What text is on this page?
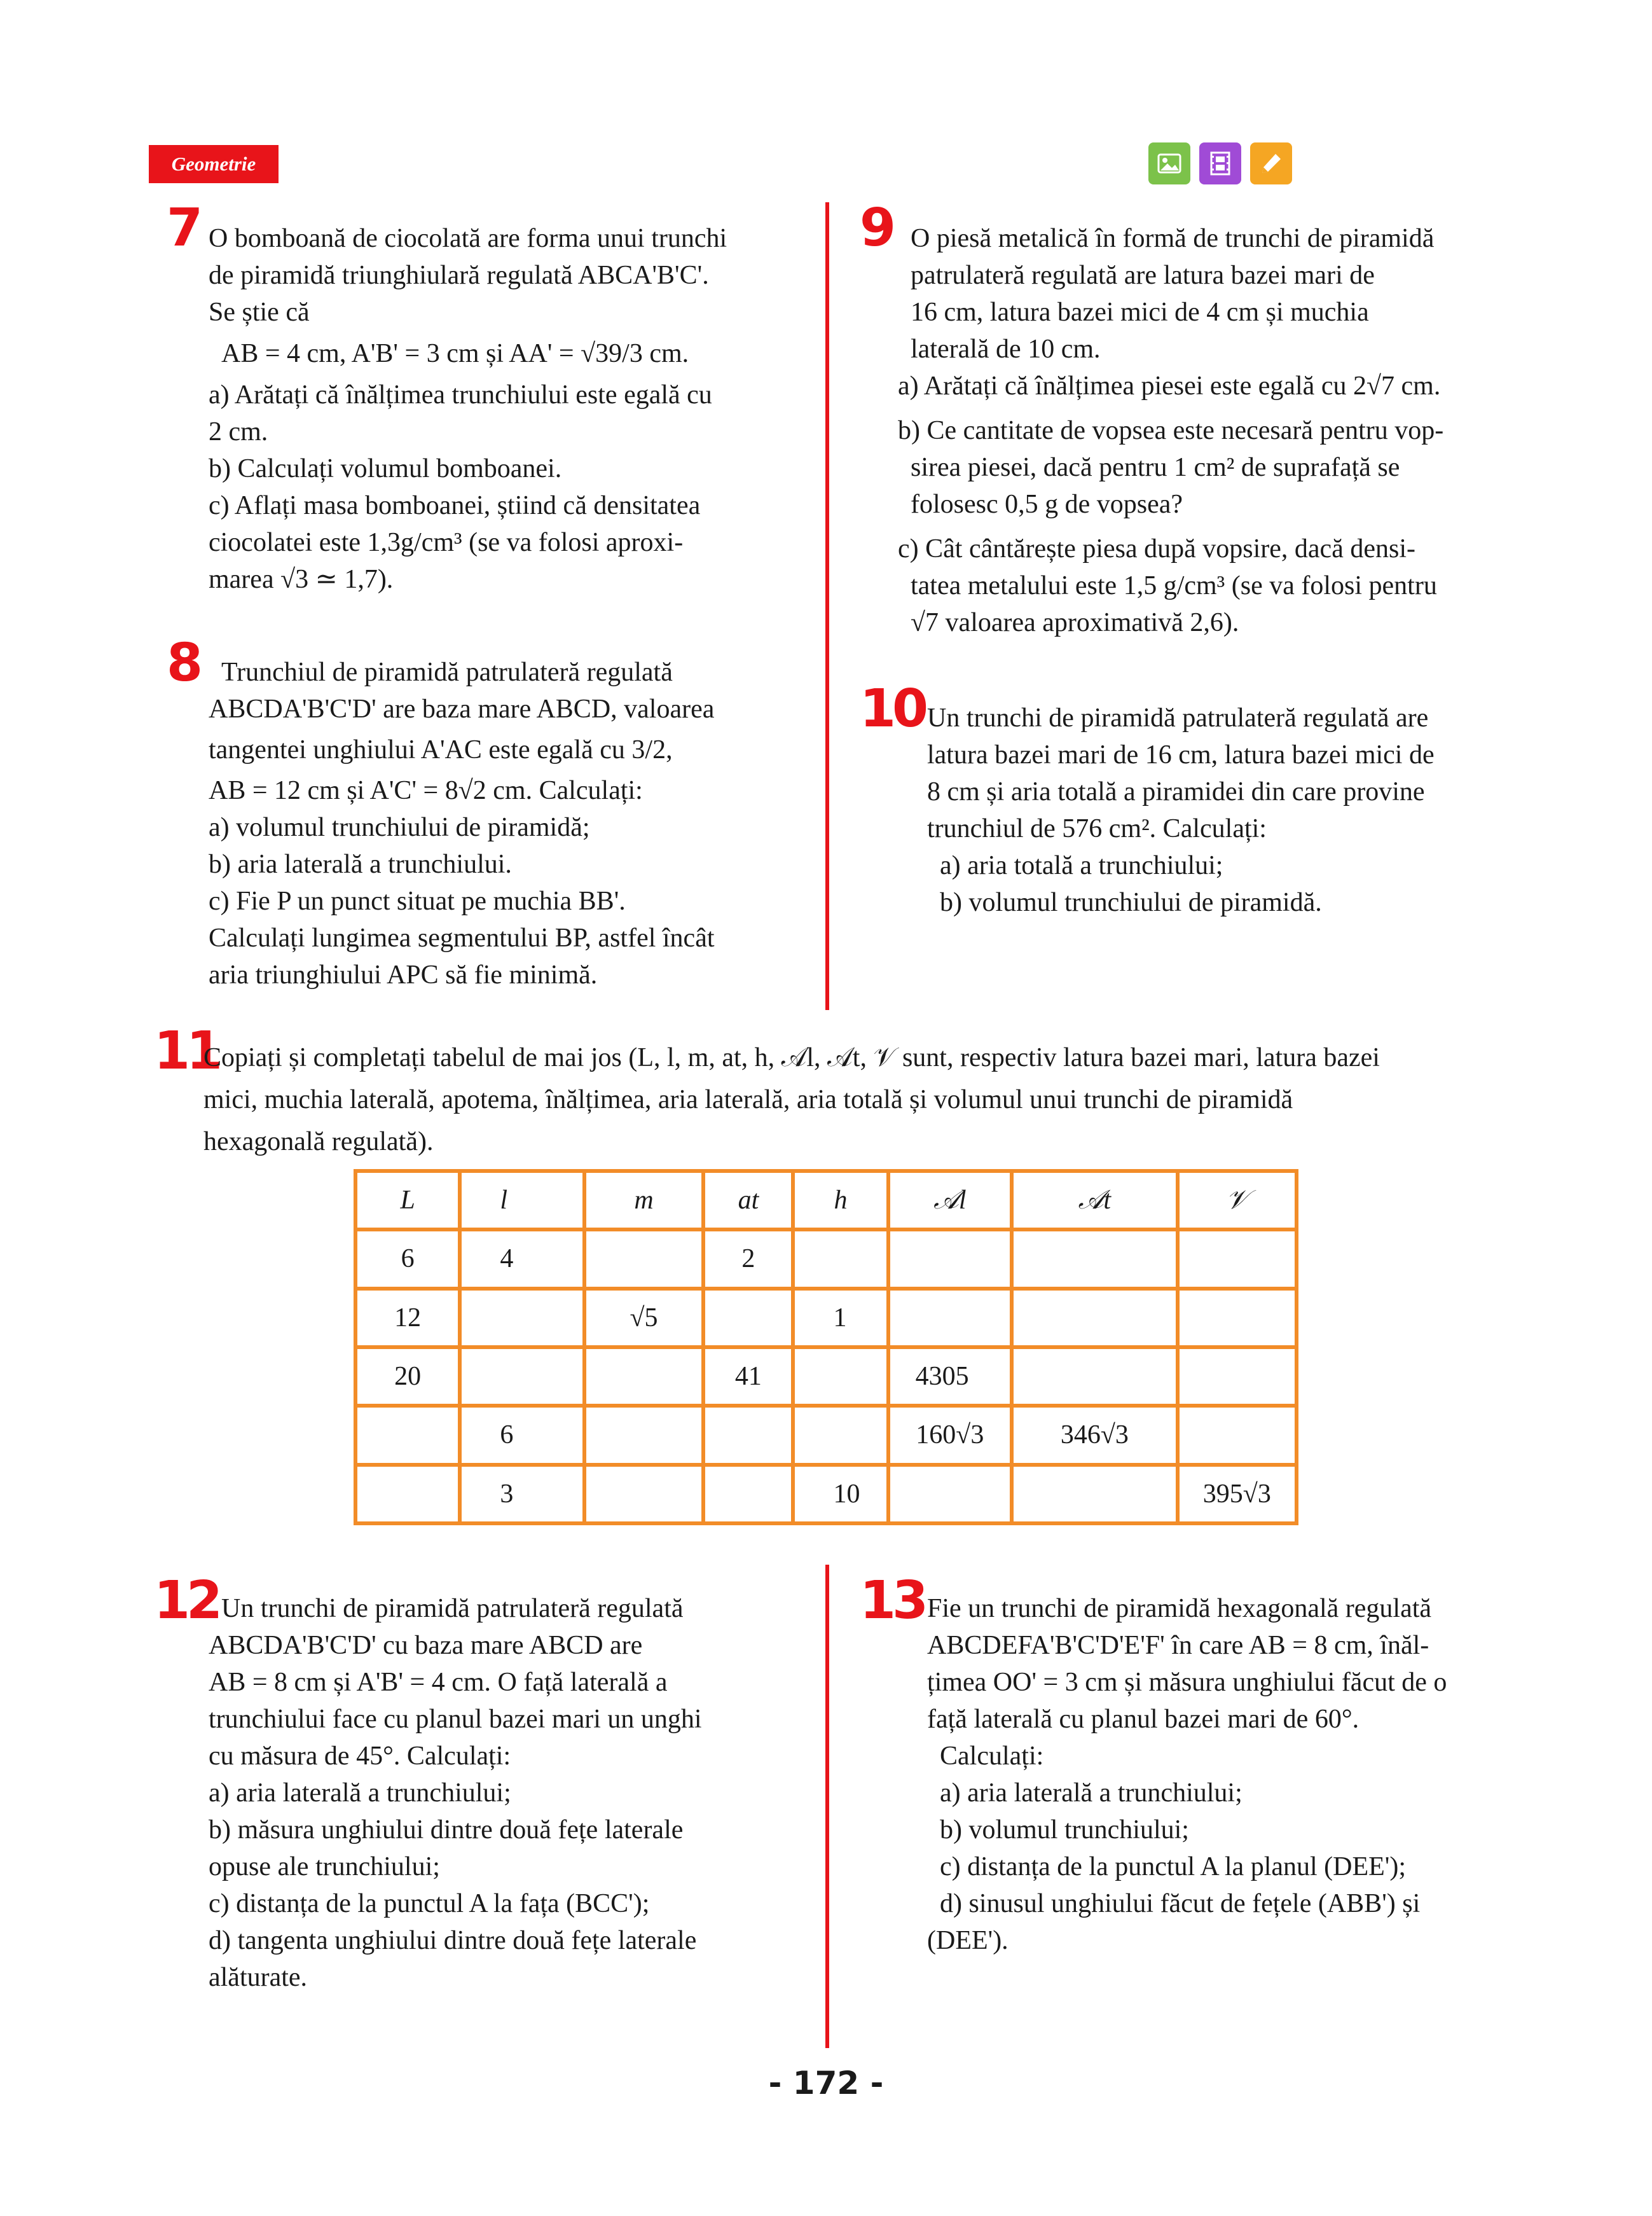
Geometrie
7 O bomboană de ciocolată are forma unui trunchi

de piramidă triunghiulară regulată ABCA'B'C'.

Se știe că

AB = 4 cm, A'B' = 3 cm și AA' = √39/3 cm.

a) Arătați că înălțimea trunchiului este egală cu

2 cm.

b) Calculați volumul bomboanei.

c) Aflați masa bomboanei, știind că densitatea

ciocolatei este 1,3g/cm³ (se va folosi aproxi-

marea √3 ≃ 1,7).

8 Trunchiul de piramidă patrulateră regulată

ABCDA'B'C'D' are baza mare ABCD, valoarea

tangentei unghiului A'AC este egală cu 3/2,

AB = 12 cm și A'C' = 8√2 cm. Calculați:

a) volumul trunchiului de piramidă;

b) aria laterală a trunchiului.

c) Fie P un punct situat pe muchia BB'.

Calculați lungimea segmentului BP, astfel încât

aria triunghiului APC să fie minimă.

9 O piesă metalică în formă de trunchi de piramidă

patrulateră regulată are latura bazei mari de

16 cm, latura bazei mici de 4 cm și muchia

laterală de 10 cm.

a) Arătați că înălțimea piesei este egală cu 2√7 cm.

b) Ce cantitate de vopsea este necesară pentru vop-

sirea piesei, dacă pentru 1 cm² de suprafață se

folosesc 0,5 g de vopsea?

c) Cât cântărește piesa după vopsire, dacă densi-

tatea metalului este 1,5 g/cm³ (se va folosi pentru

√7 valoarea aproximativă 2,6).

10 Un trunchi de piramidă patrulateră regulată are

latura bazei mari de 16 cm, latura bazei mici de

8 cm și aria totală a piramidei din care provine

trunchiul de 576 cm². Calculați:

a) aria totală a trunchiului;

b) volumul trunchiului de piramidă.

11

Copiați și completați tabelul de mai jos (L, l, m, at, h, 𝒜l, 𝒜t, 𝒱 sunt, respectiv latura bazei mari, latura bazei

mici, muchia laterală, apotema, înălțimea, aria laterală, aria totală și volumul unui trunchi de piramidă

hexagonală regulată).

L	l	m	at	h	𝒜l	𝒜t	𝒱
6	4		2				
12		√5		1			
20			41		4305		
	6				160√3	346√3	
	3			10			395√3
12 Un trunchi de piramidă patrulateră regulată

ABCDA'B'C'D' cu baza mare ABCD are

AB = 8 cm și A'B' = 4 cm. O față laterală a

trunchiului face cu planul bazei mari un unghi

cu măsura de 45°. Calculați:

a) aria laterală a trunchiului;

b) măsura unghiului dintre două fețe laterale

opuse ale trunchiului;

c) distanța de la punctul A la fața (BCC');

d) tangenta unghiului dintre două fețe laterale

alăturate.

13 Fie un trunchi de piramidă hexagonală regulată

ABCDEFA'B'C'D'E'F' în care AB = 8 cm, înăl-

țimea OO' = 3 cm și măsura unghiului făcut de o

față laterală cu planul bazei mari de 60°.

Calculați:

a) aria laterală a trunchiului;

b) volumul trunchiului;

c) distanța de la punctul A la planul (DEE');

d) sinusul unghiului făcut de fețele (ABB') și

(DEE').

- 172 -
